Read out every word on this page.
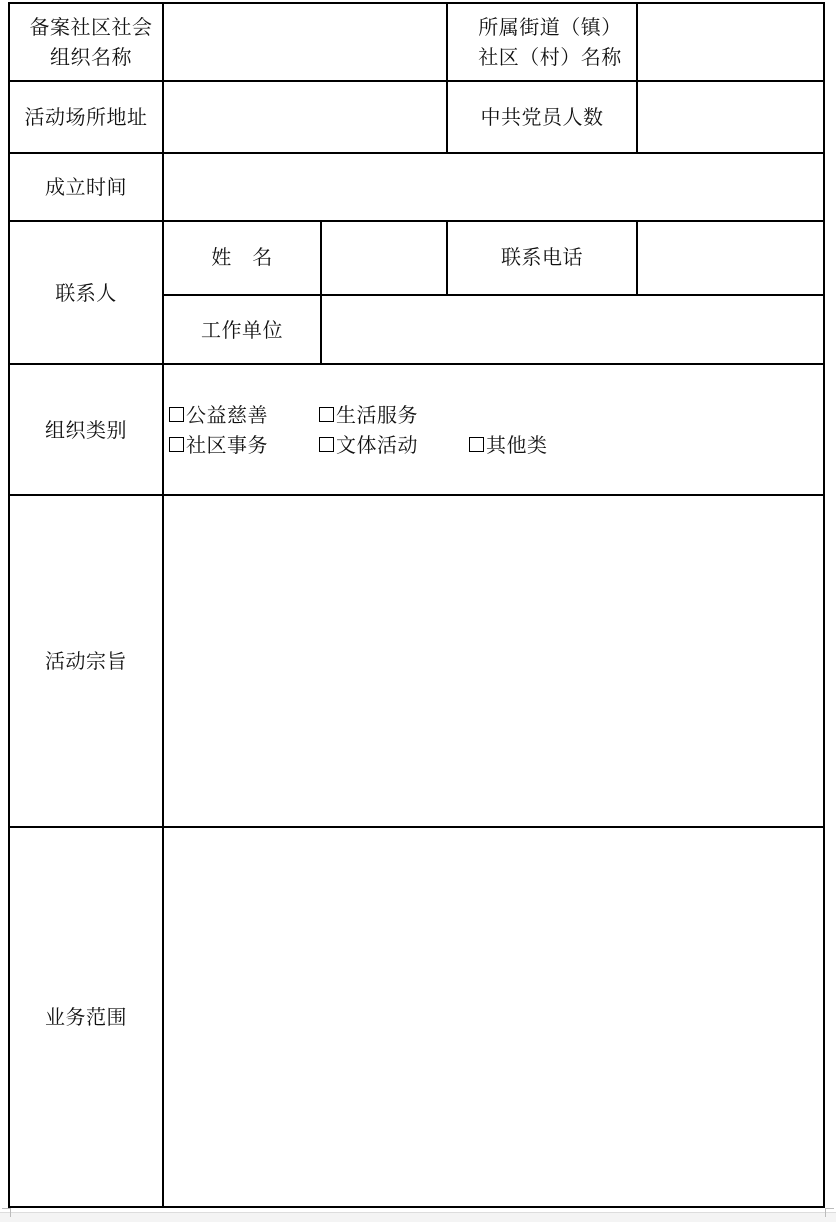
备案社区社会
组织名称			所属街道（镇）
社区（村）名称	

活动场所地址			中共党员人数	
成立时间				
联系人	姓　名		联系电话	
	工作单位			
组织类别	公益慈善 生活服务
社区事务 文体活动 其他类			

活动宗旨				
业务范围				
